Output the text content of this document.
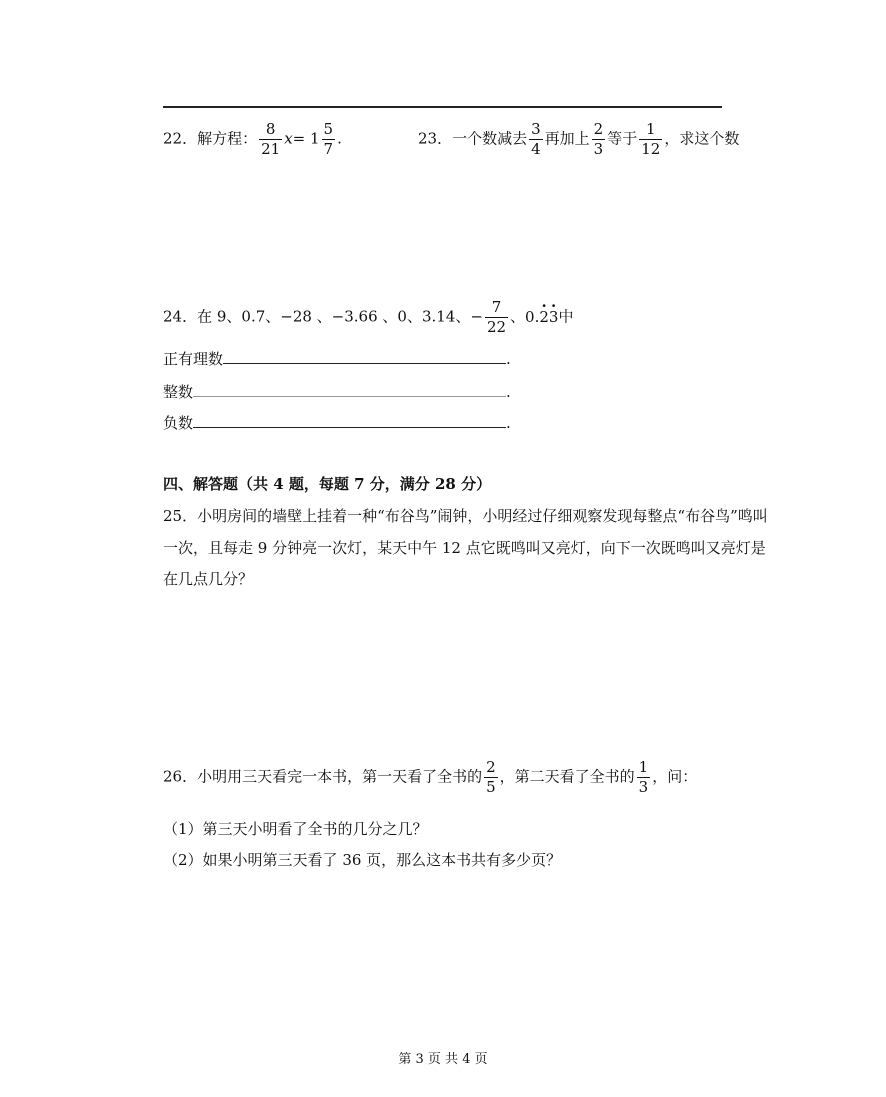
22．解方程： $\frac{8}{21} x= 1 \frac{5}{7}$ .	23．一个数减去 $\frac{3}{4}$ 再加上 $\frac{2}{3}$ 等于 $\frac{1}{12}$ ，求这个数
24．在 9、0.7、−28 、−3.66 、0、3.14、− $\frac{7}{22}$ 、0.· 2· 3中
正有理数	.
整数	.
负数	.
四、解答题（共 4 题，每题 7 分，满分 28 分）
25．小明房间的墙壁上挂着一种“布谷鸟”闹钟，小明经过仔细观察发现每整点“布谷鸟”鸣叫
一次，且每走 9 分钟亮一次灯，某天中午 12 点它既鸣叫又亮灯，向下一次既鸣叫又亮灯是
在几点几分？
26．小明用三天看完一本书，第一天看了全书的 $\frac{2}{5}$ ，第二天看了全书的 $\frac{1}{3}$ ，问：
（1）第三天小明看了全书的几分之几？
（2）如果小明第三天看了 36 页，那么这本书共有多少页？
第 3 页 共 4 页
